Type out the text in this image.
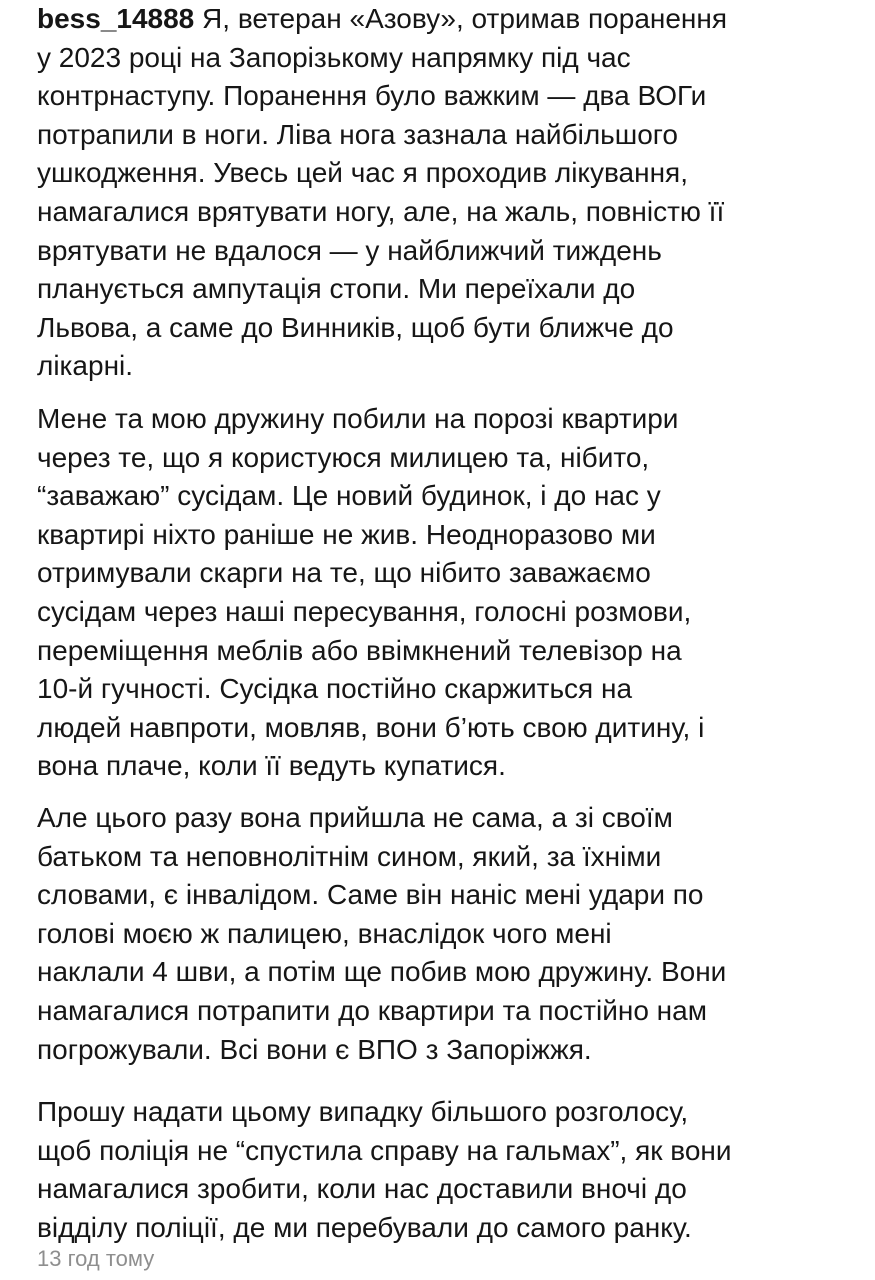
bess_14888 Я, ветеран «Азову», отримав поранення
у 2023 році на Запорізькому напрямку під час
контрнаступу. Поранення було важким — два ВОГи
потрапили в ноги. Ліва нога зазнала найбільшого
ушкодження. Увесь цей час я проходив лікування,
намагалися врятувати ногу, але, на жаль, повністю її
врятувати не вдалося — у найближчий тиждень
планується ампутація стопи. Ми переїхали до
Львова, а саме до Винників, щоб бути ближче до
лікарні.
Мене та мою дружину побили на порозі квартири
через те, що я користуюся милицею та, нібито,
“заважаю” сусідам. Це новий будинок, і до нас у
квартирі ніхто раніше не жив. Неодноразово ми
отримували скарги на те, що нібито заважаємо
сусідам через наші пересування, голосні розмови,
переміщення меблів або ввімкнений телевізор на
10-й гучності. Сусідка постійно скаржиться на
людей навпроти, мовляв, вони б’ють свою дитину, і
вона плаче, коли її ведуть купатися.
Але цього разу вона прийшла не сама, а зі своїм
батьком та неповнолітнім сином, який, за їхніми
словами, є інвалідом. Саме він наніс мені удари по
голові моєю ж палицею, внаслідок чого мені
наклали 4 шви, а потім ще побив мою дружину. Вони
намагалися потрапити до квартири та постійно нам
погрожували. Всі вони є ВПО з Запоріжжя.
Прошу надати цьому випадку більшого розголосу,
щоб поліція не “спустила справу на гальмах”, як вони
намагалися зробити, коли нас доставили вночі до
відділу поліції, де ми перебували до самого ранку.
13 год тому
